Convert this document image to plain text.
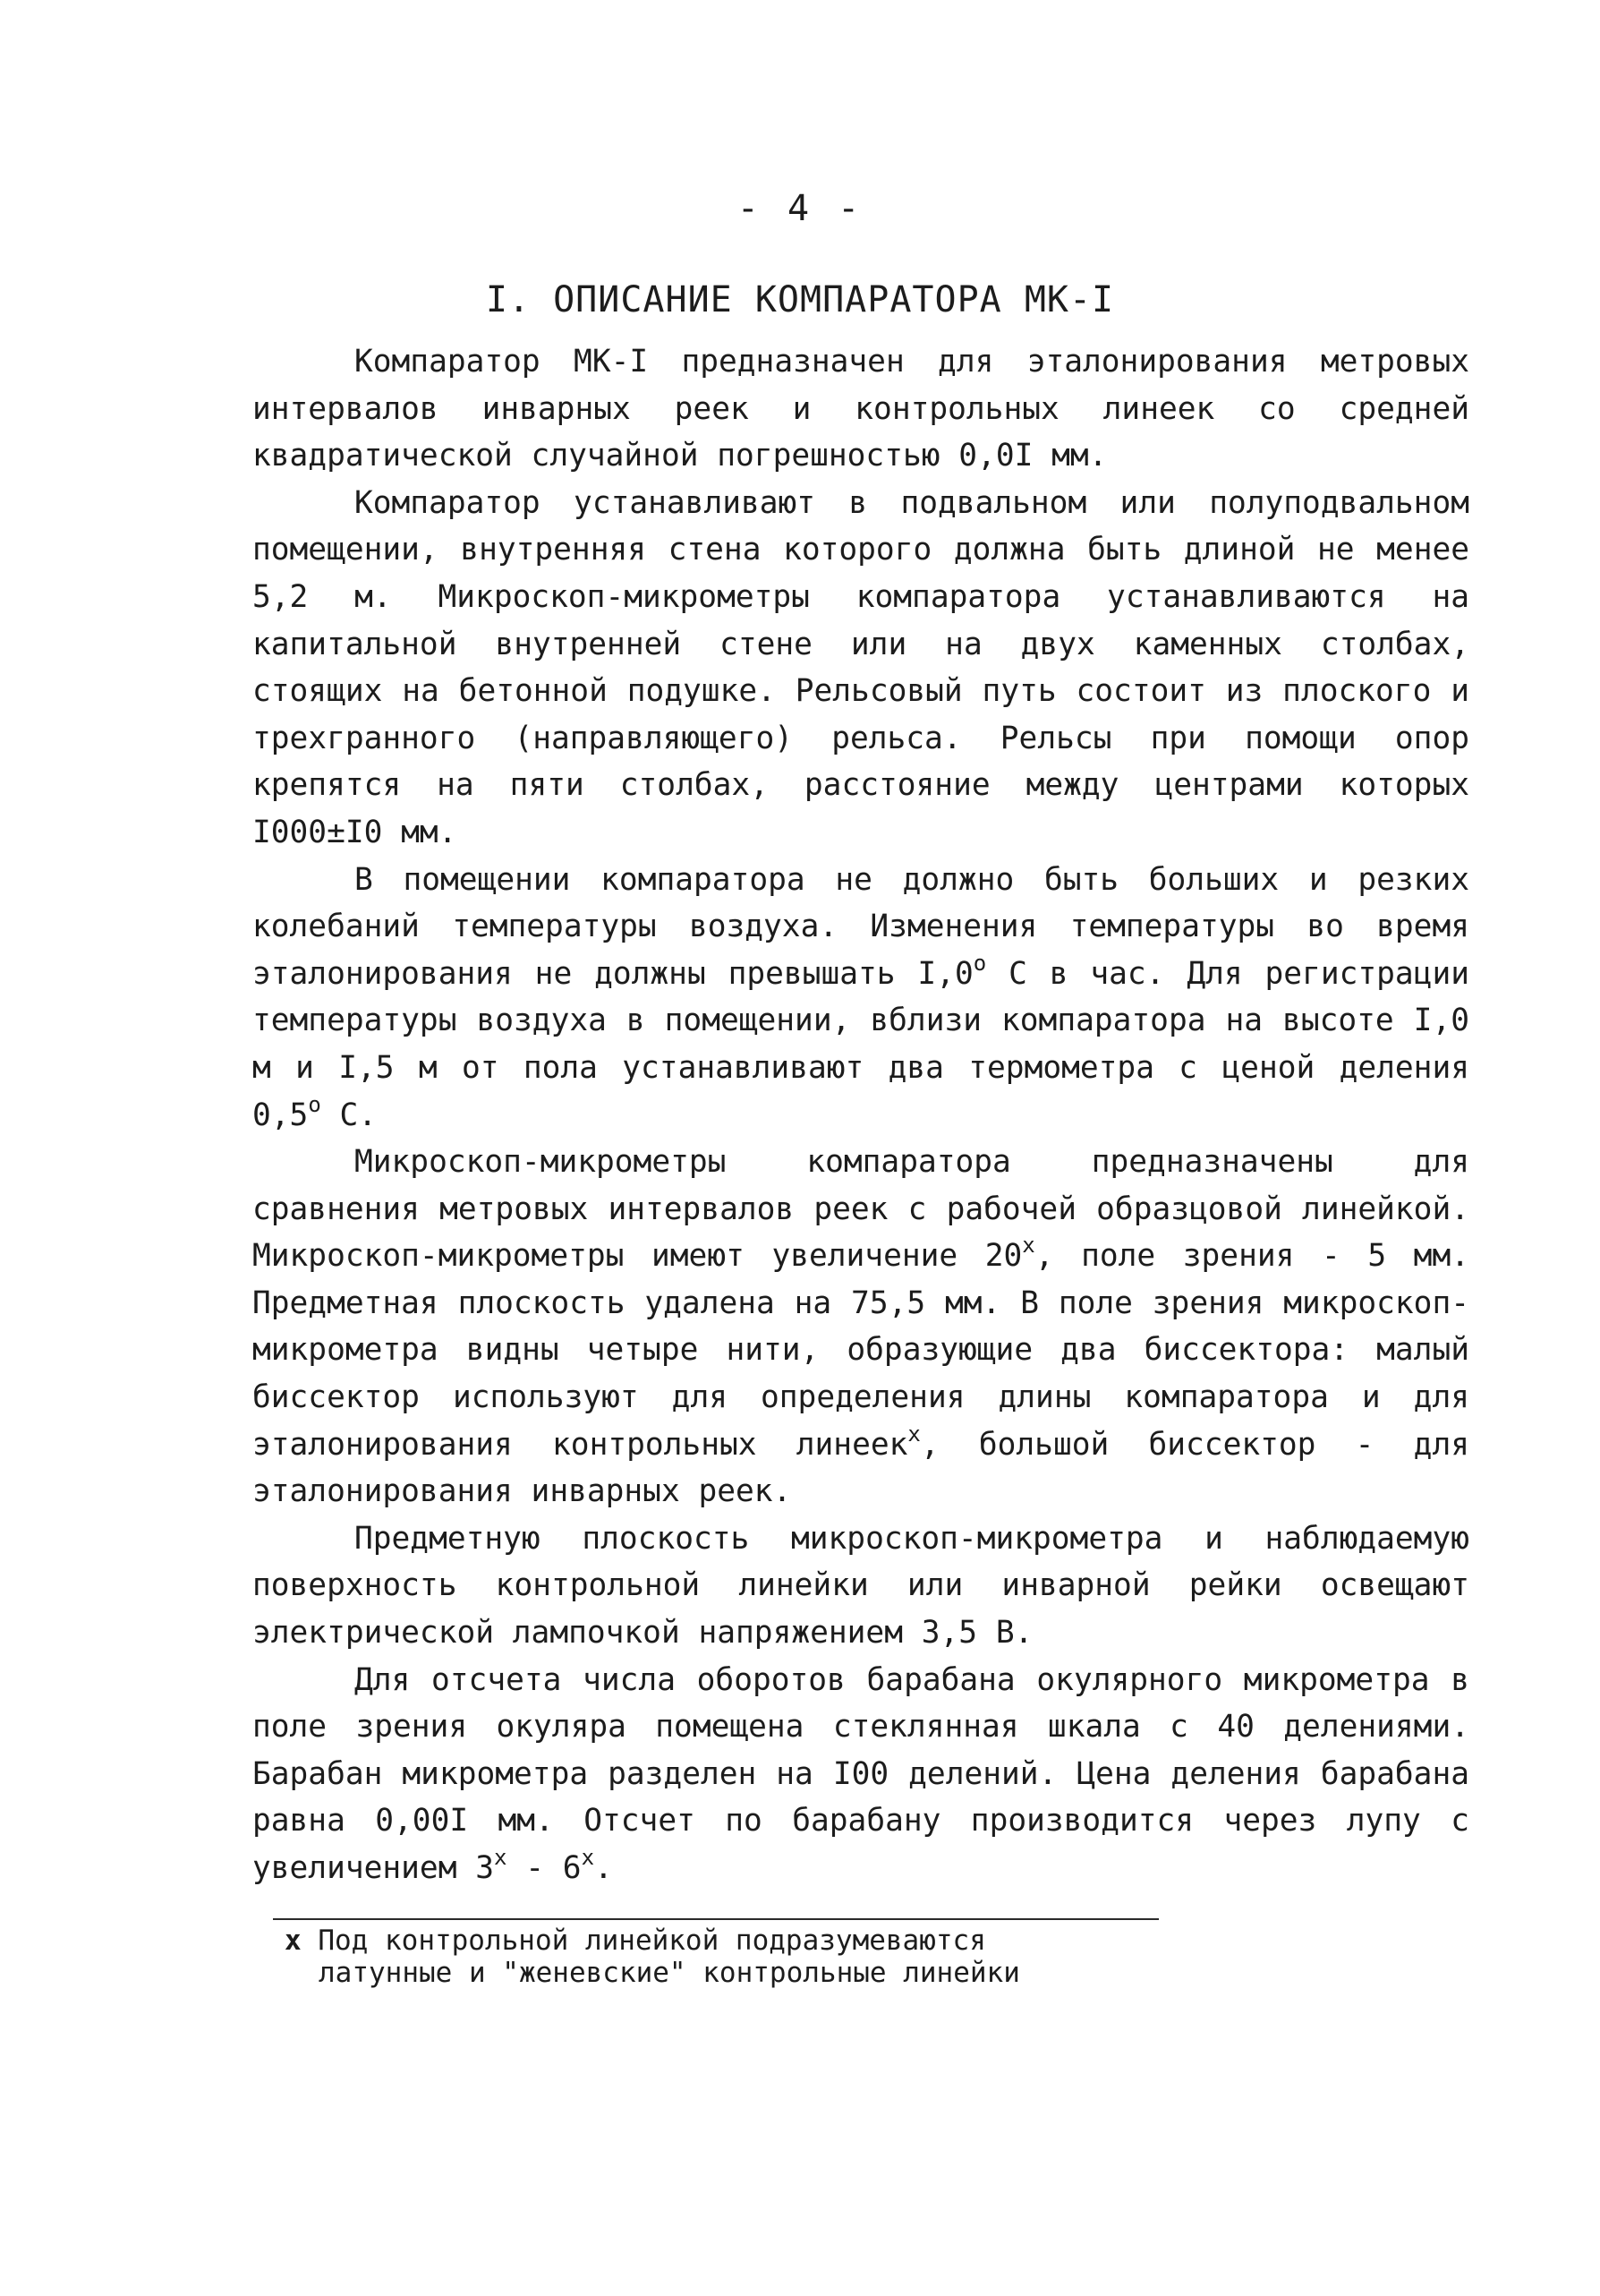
- 4 -
I. ОПИСАНИЕ КОМПАРАТОРА МК-I

Компаратор МК-I предназначен для эталонирования метровых интервалов инварных реек и контрольных линеек со средней квадратической случайной погрешностью 0,0I мм.

Компаратор устанавливают в подвальном или полуподвальном помещении, внутренняя стена которого должна быть длиной не менее 5,2 м. Микроскоп-микрометры компаратора устанавливаются на капитальной внутренней стене или на двух каменных столбах, стоящих на бетонной подушке. Рельсовый путь состоит из плоского и трехгранного (направляющего) рельса. Рельсы при помощи опор крепятся на пяти столбах, расстояние между центрами которых I000±I0 мм.

В помещении компаратора не должно быть больших и резких колебаний температуры воздуха. Изменения температуры во время эталонирования не должны превышать $I,0^о$ С в час. Для регистрации температуры воздуха в помещении, вблизи компаратора на высоте I,0 м и I,5 м от пола устанавливают два термометра с ценой деления $0,5^о$ С.

Микроскоп-микрометры компаратора предназначены для сравнения метровых интервалов реек с рабочей образцовой линейкой. Микроскоп-микрометры имеют увеличение $20^х$, поле зрения - 5 мм. Предметная плоскость удалена на 75,5 мм. В поле зрения микроскоп-микрометра видны четыре нити, образующие два биссектора: малый биссектор используют для определения длины компаратора и для эталонирования контрольных линеек$^х$, большой биссектор - для эталонирования инварных реек.

Предметную плоскость микроскоп-микрометра и наблюдаемую поверхность контрольной линейки или инварной рейки освещают электрической лампочкой напряжением 3,5 В.

Для отсчета числа оборотов барабана окулярного микрометра в поле зрения окуляра помещена стеклянная шкала с 40 делениями. Барабан микрометра разделен на I00 делений. Цена деления барабана равна 0,00I мм. Отсчет по барабану производится через лупу с увеличением $3^х - 6^х$.

х Под контрольной линейкой подразумеваются
латунные и "женевские" контрольные линейки
